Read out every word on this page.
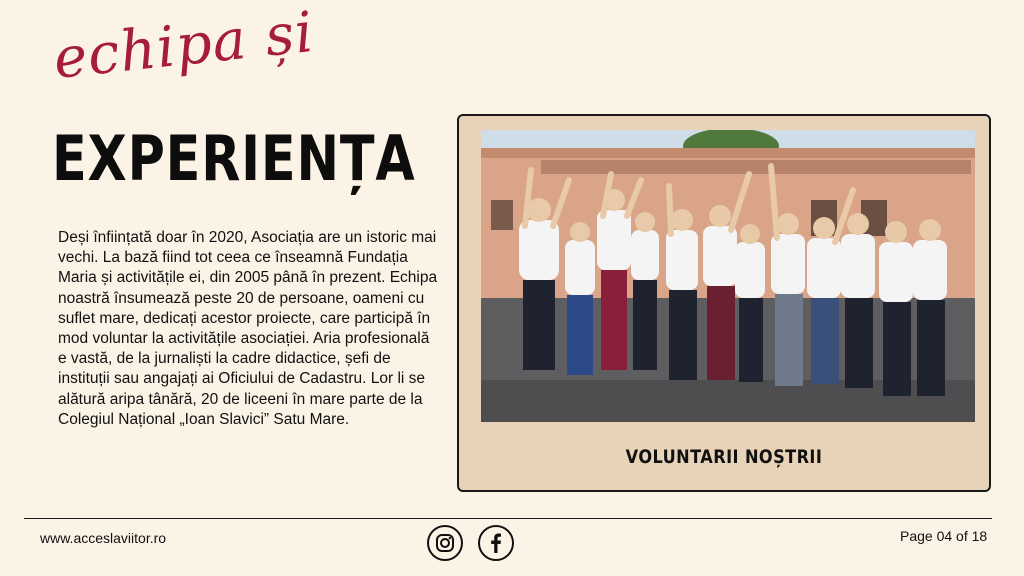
echipa și
EXPERIENȚA

Deși înființată doar în 2020, Asociația are un istoric mai vechi. La bază fiind tot ceea ce înseamnă Fundația Maria și activitățile ei, din 2005 până în prezent. Echipa noastră însumează peste 20 de persoane, oameni cu suflet mare, dedicați acestor proiecte, care participă în mod voluntar la activitățile asociației. Aria profesională e vastă, de la jurnaliști la cadre didactice, șefi de instituții sau angajați ai Oficiului de Cadastru. Lor li se alătură aripa tânără, 20 de liceeni în mare parte de la Colegiul Național „Ioan Slavici” Satu Mare.

VOLUNTARII NOȘTRII
www.acceslaviitor.ro	Page 04 of 18
